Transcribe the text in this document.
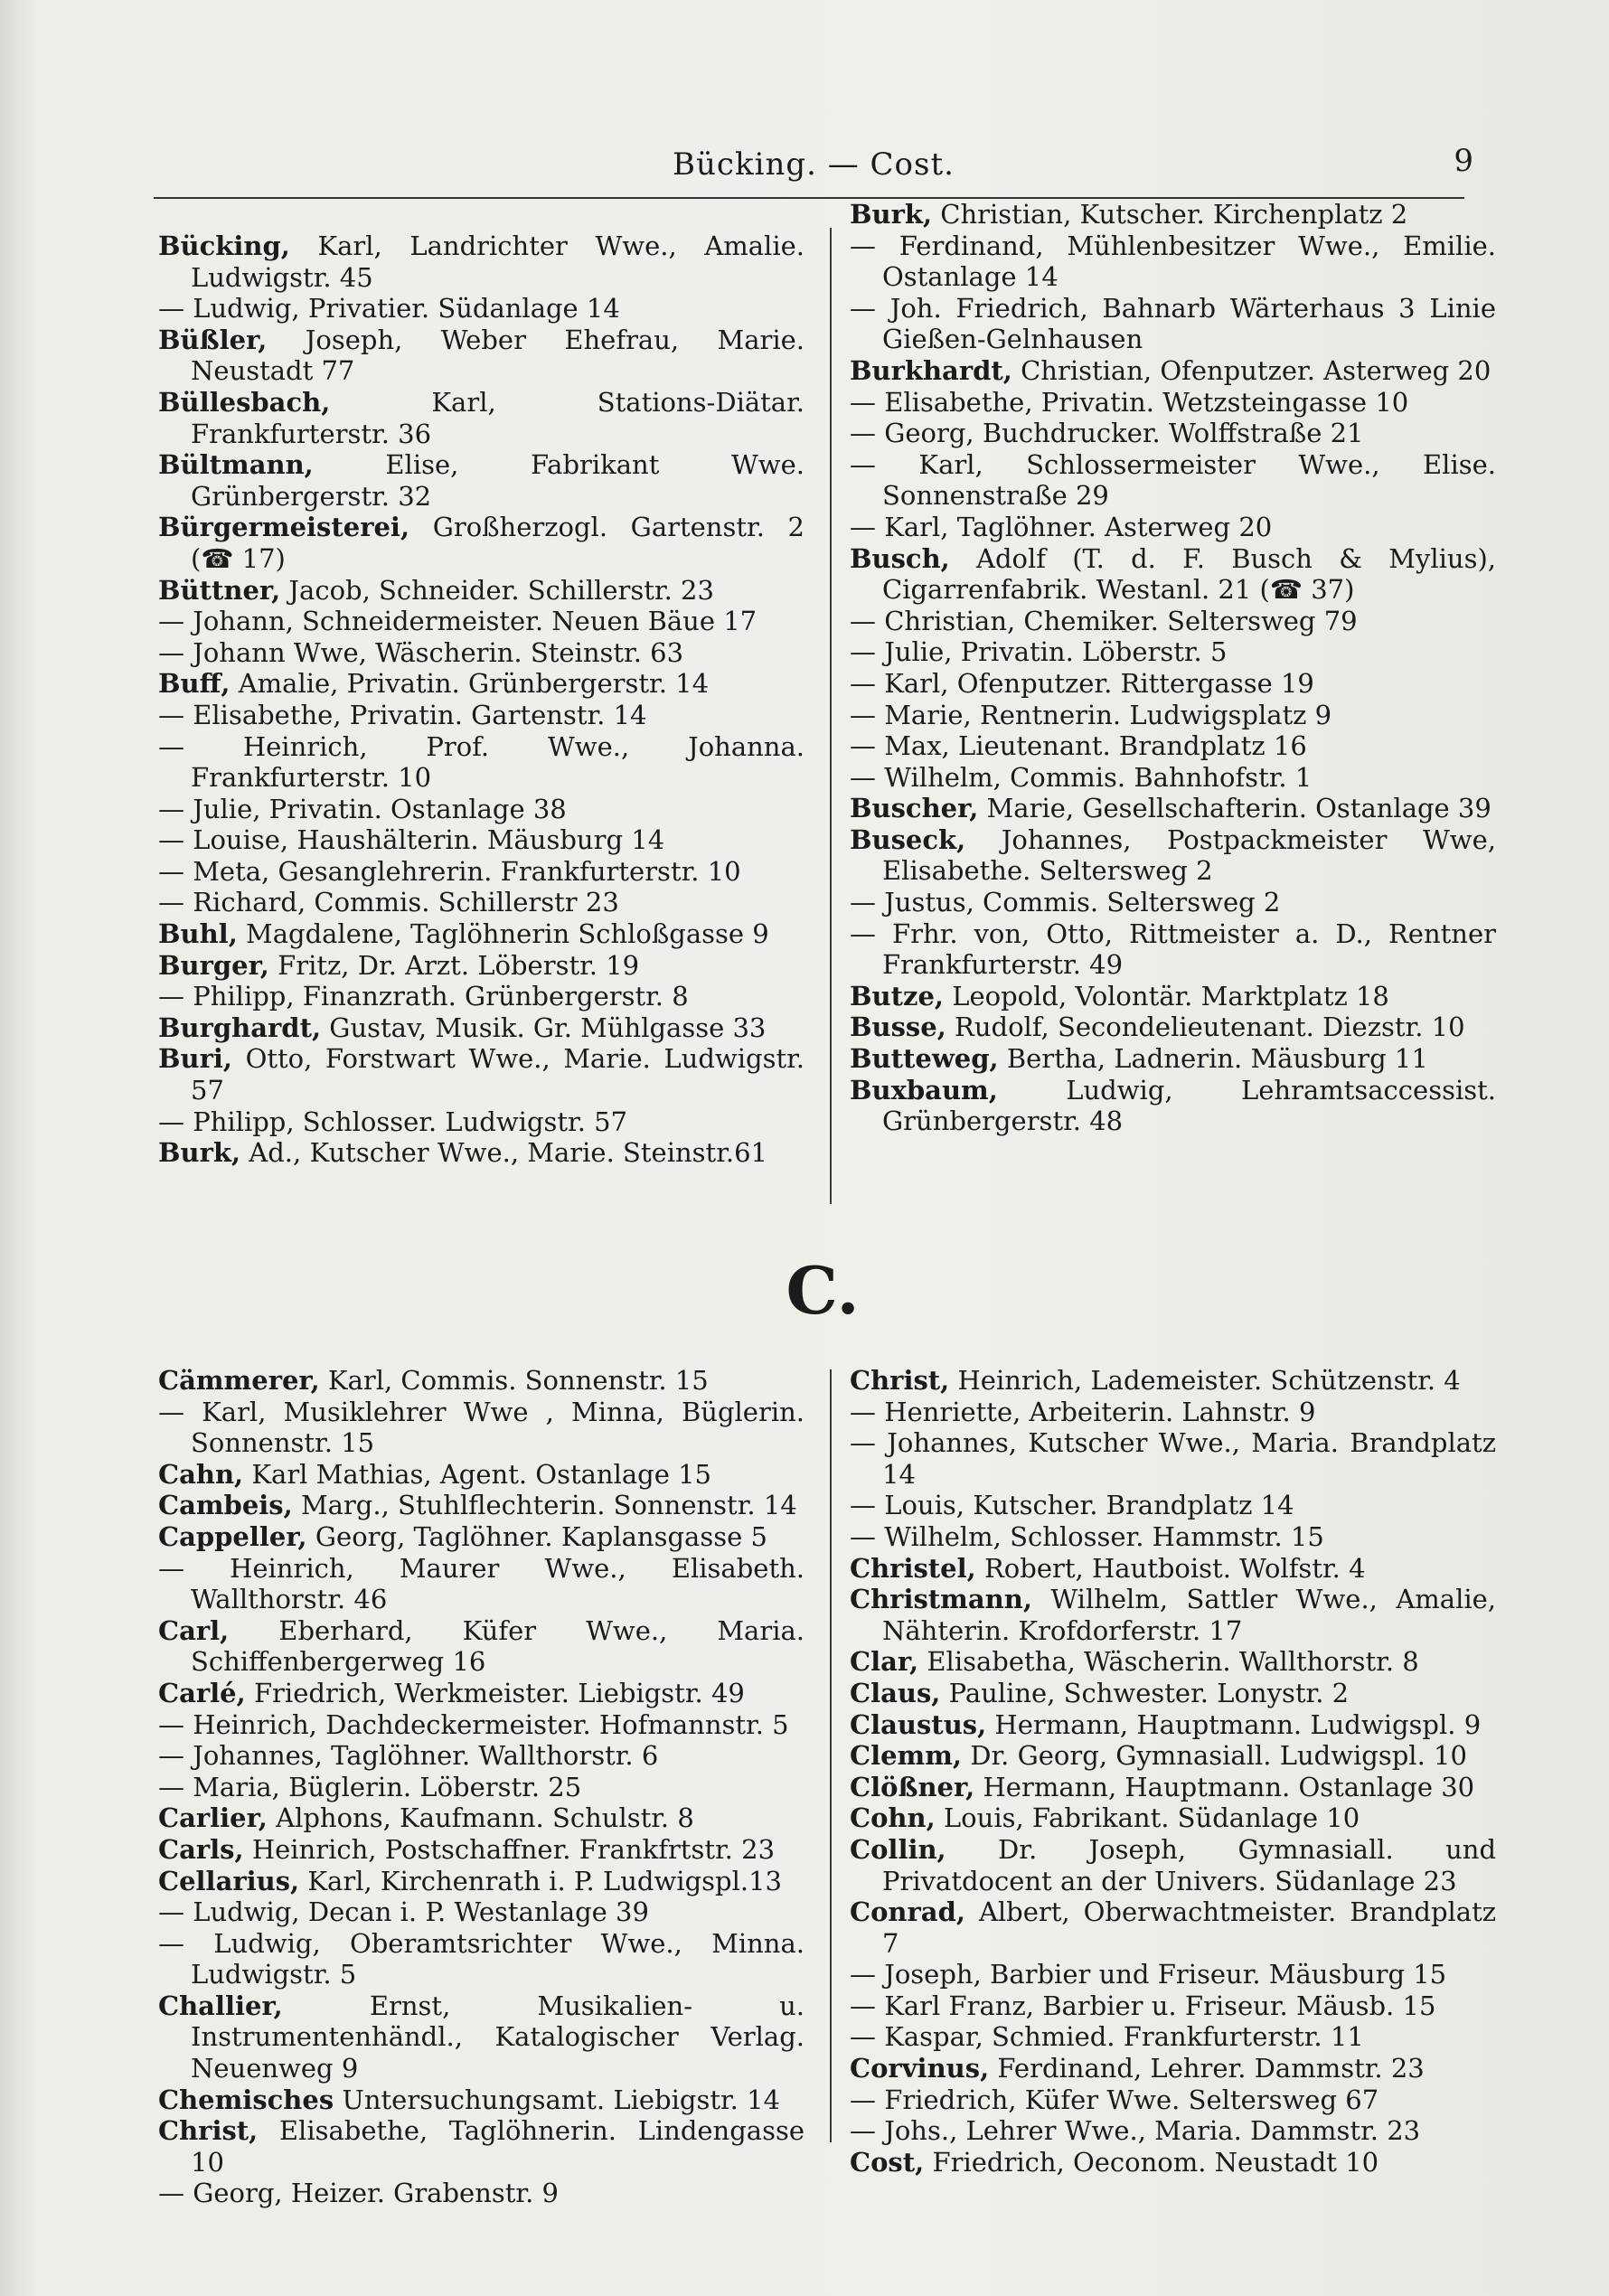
Bücking. — Cost.	9
Bücking, Karl, Landrichter Wwe., Amalie. Ludwigstr. 45
— Ludwig, Privatier. Südanlage 14
Büßler, Joseph, Weber Ehefrau, Marie. Neustadt 77
Büllesbach,	Karl, Stations-Diätar. Frankfurterstr. 36
Bültmann,	Elise, Fabrikant Wwe. Grünbergerstr. 32
Bürgermeisterei, Großherzogl. Gartenstr. 2 (☎ 17)
Büttner, Jacob, Schneider. Schillerstr. 23
— Johann, Schneidermeister. Neuen Bäue 17
— Johann Wwe, Wäscherin. Steinstr. 63
Buff, Amalie, Privatin. Grünbergerstr. 14
— Elisabethe, Privatin. Gartenstr. 14
— Heinrich, Prof. Wwe., Johanna. Frankfurterstr. 10
— Julie, Privatin. Ostanlage 38
— Louise, Haushälterin. Mäusburg 14
— Meta, Gesanglehrerin. Frankfurterstr. 10
— Richard, Commis. Schillerstr 23
Buhl, Magdalene, Taglöhnerin Schloßgasse 9
Burger, Fritz, Dr. Arzt. Löberstr. 19
— Philipp, Finanzrath. Grünbergerstr. 8
Burghardt, Gustav, Musik. Gr. Mühlgasse 33
Buri, Otto, Forstwart Wwe., Marie. Ludwigstr. 57
— Philipp, Schlosser. Ludwigstr. 57
Burk, Ad., Kutscher Wwe., Marie. Steinstr.61
Burk, Christian, Kutscher. Kirchenplatz 2
— Ferdinand, Mühlenbesitzer Wwe., Emilie. Ostanlage 14
— Joh. Friedrich, Bahnarb Wärterhaus 3 Linie Gießen-Gelnhausen
Burkhardt, Christian, Ofenputzer. Asterweg 20
— Elisabethe, Privatin. Wetzsteingasse 10
— Georg, Buchdrucker. Wolffstraße 21
— Karl, Schlossermeister Wwe., Elise. Sonnenstraße 29
— Karl, Taglöhner. Asterweg 20
Busch, Adolf (T. d. F. Busch & Mylius), Cigarrenfabrik. Westanl. 21 (☎ 37)
— Christian, Chemiker. Seltersweg 79
— Julie, Privatin. Löberstr. 5
— Karl, Ofenputzer. Rittergasse 19
— Marie, Rentnerin. Ludwigsplatz 9
— Max, Lieutenant. Brandplatz 16
— Wilhelm, Commis. Bahnhofstr. 1
Buscher, Marie, Gesellschafterin. Ostanlage 39
Buseck, Johannes, Postpackmeister Wwe, Elisabethe. Seltersweg 2
— Justus, Commis. Seltersweg 2
— Frhr. von, Otto, Rittmeister a. D., Rentner Frankfurterstr. 49
Butze, Leopold, Volontär. Marktplatz 18
Busse, Rudolf, Secondelieutenant. Diezstr. 10
Butteweg, Bertha, Ladnerin. Mäusburg 11
Buxbaum,	Ludwig, Lehramtsaccessist. Grünbergerstr. 48
C.
Cämmerer, Karl, Commis. Sonnenstr. 15
— Karl, Musiklehrer Wwe , Minna, Büglerin. Sonnenstr. 15
Cahn, Karl Mathias, Agent. Ostanlage 15
Cambeis, Marg., Stuhlflechterin. Sonnenstr. 14
Cappeller, Georg, Taglöhner. Kaplansgasse 5
— Heinrich, Maurer Wwe., Elisabeth. Wallthorstr. 46
Carl, Eberhard, Küfer Wwe., Maria. Schiffenbergerweg 16
Carlé, Friedrich, Werkmeister. Liebigstr. 49
— Heinrich, Dachdeckermeister. Hofmannstr. 5
— Johannes, Taglöhner. Wallthorstr. 6
— Maria, Büglerin. Löberstr. 25
Carlier, Alphons, Kaufmann. Schulstr. 8
Carls, Heinrich, Postschaffner. Frankfrtstr. 23
Cellarius, Karl, Kirchenrath i. P. Ludwigspl.13
— Ludwig, Decan i. P. Westanlage 39
— Ludwig, Oberamtsrichter Wwe., Minna. Ludwigstr. 5
Challier,	Ernst, Musikalien- u. Instrumentenhändl., Katalogischer Verlag. Neuenweg 9
Chemisches Untersuchungsamt. Liebigstr. 14
Christ, Elisabethe, Taglöhnerin. Lindengasse 10
— Georg, Heizer. Grabenstr. 9
Christ, Heinrich, Lademeister. Schützenstr. 4
— Henriette, Arbeiterin. Lahnstr. 9
— Johannes, Kutscher Wwe., Maria. Brandplatz 14
— Louis, Kutscher. Brandplatz 14
— Wilhelm, Schlosser. Hammstr. 15
Christel, Robert, Hautboist. Wolfstr. 4
Christmann, Wilhelm, Sattler Wwe., Amalie, Nähterin. Krofdorferstr. 17
Clar, Elisabetha, Wäscherin. Wallthorstr. 8
Claus, Pauline, Schwester. Lonystr. 2
Claustus, Hermann, Hauptmann. Ludwigspl. 9
Clemm, Dr. Georg, Gymnasiall. Ludwigspl. 10
Clößner, Hermann, Hauptmann. Ostanlage 30
Cohn, Louis, Fabrikant. Südanlage 10
Collin, Dr. Joseph, Gymnasiall. und Privatdocent an der Univers. Südanlage 23
Conrad, Albert, Oberwachtmeister. Brandplatz 7
— Joseph, Barbier und Friseur. Mäusburg 15
— Karl Franz, Barbier u. Friseur. Mäusb. 15
— Kaspar, Schmied. Frankfurterstr. 11
Corvinus, Ferdinand, Lehrer. Dammstr. 23
— Friedrich, Küfer Wwe. Seltersweg 67
— Johs., Lehrer Wwe., Maria. Dammstr. 23
Cost, Friedrich, Oeconom. Neustadt 10
